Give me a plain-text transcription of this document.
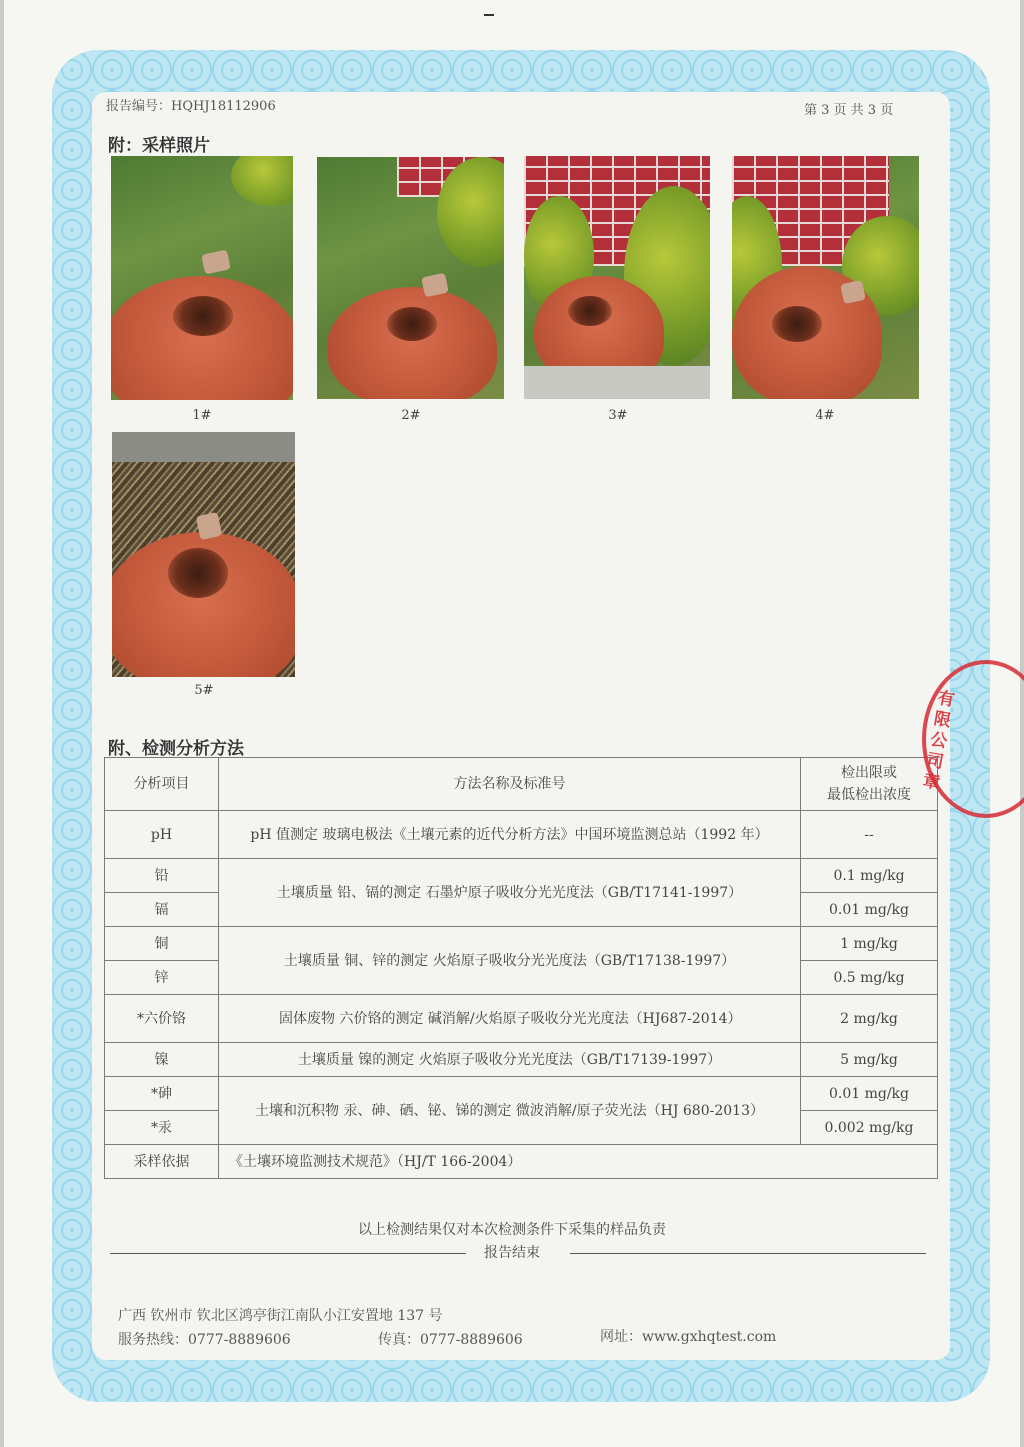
报告编号：HQHJ18112906	第 3 页 共 3 页
附：采样照片
1#	2#	3#	4#
5#
附、检测分析方法
分析项目	方法名称及标准号	检出限或
最低检出浓度
pH	pH 值测定 玻璃电极法《土壤元素的近代分析方法》中国环境监测总站（1992 年）	--
铅	土壤质量 铅、镉的测定 石墨炉原子吸收分光光度法（GB/T17141-1997）	0.1 mg/kg
镉		0.01 mg/kg
铜	土壤质量 铜、锌的测定 火焰原子吸收分光光度法（GB/T17138-1997）	1 mg/kg
锌		0.5 mg/kg
*六价铬	固体废物 六价铬的测定 碱消解/火焰原子吸收分光光度法（HJ687-2014）	2 mg/kg
镍	土壤质量 镍的测定 火焰原子吸收分光光度法（GB/T17139-1997）	5 mg/kg
*砷	土壤和沉积物 汞、砷、硒、铋、锑的测定 微波消解/原子荧光法（HJ 680-2013）	0.01 mg/kg
*汞		0.002 mg/kg
采样依据	《土壤环境监测技术规范》（HJ/T 166-2004）	
以上检测结果仅对本次检测条件下采集的样品负责
报告结束
广西 钦州市 钦北区鸿亭街江南队小江安置地 137 号
服务热线：0777-8889606	传真：0777-8889606	网址：www.gxhqtest.com
有限公司章
